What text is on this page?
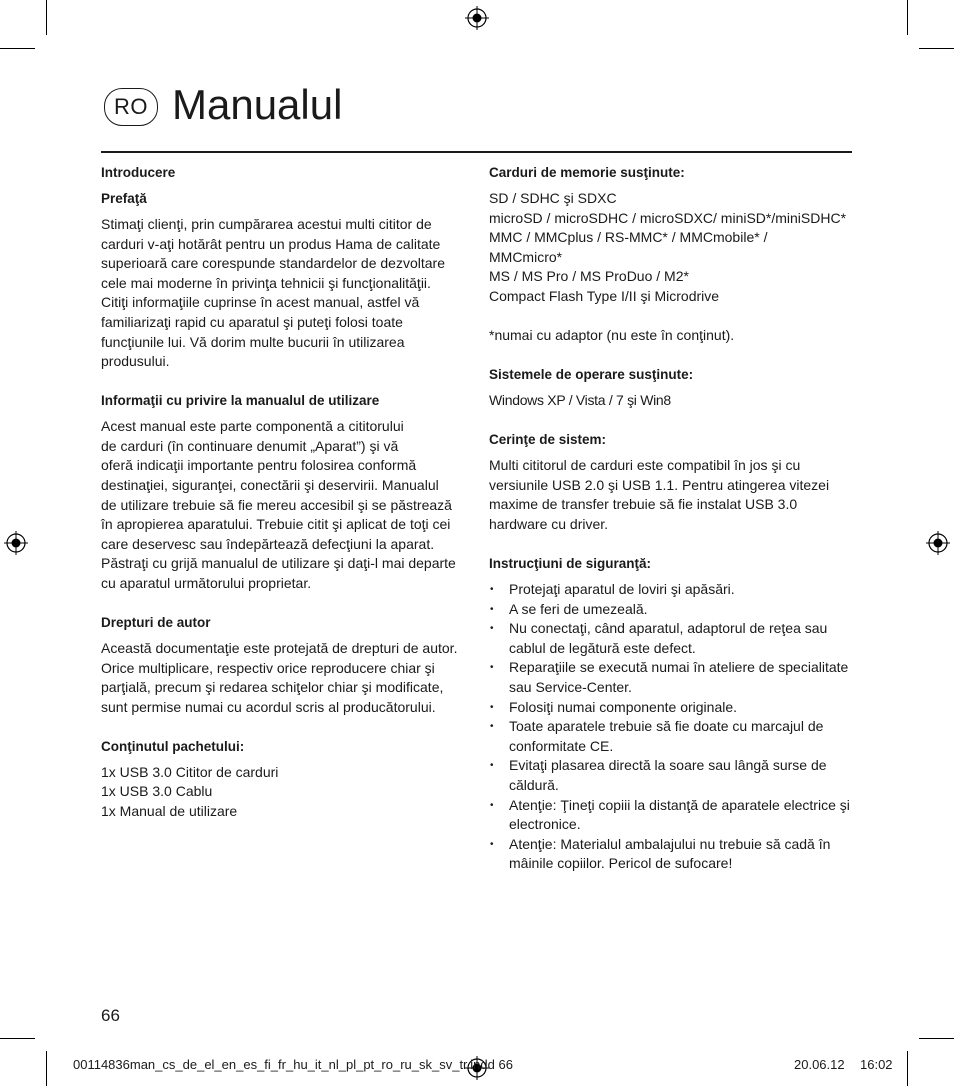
RO Manualul

Introducere

Prefaţă

Stimaţi clienţi, prin cumpărarea acestui multi cititor de

carduri v-aţi hotărât pentru un produs Hama de calitate

superioară care corespunde standardelor de dezvoltare

cele mai moderne în privinţa tehnicii şi funcţionalităţii.

Citiţi informaţiile cuprinse în acest manual, astfel vă

familiarizaţi rapid cu aparatul şi puteţi folosi toate

funcţiunile lui. Vă dorim multe bucurii în utilizarea

produsului.

Informaţii cu privire la manualul de utilizare

Acest manual este parte componentă a cititorului

de carduri (în continuare denumit „Aparat”) şi vă

oferă indicaţii importante pentru folosirea conformă

destinaţiei, siguranţei, conectării şi deservirii. Manualul

de utilizare trebuie să fie mereu accesibil şi se păstrează

în apropierea aparatului. Trebuie citit şi aplicat de toţi cei

care deservesc sau îndepărtează defecţiuni la aparat.

Păstraţi cu grijă manualul de utilizare şi daţi-l mai departe

cu aparatul următorului proprietar.

Drepturi de autor

Această documentaţie este protejată de drepturi de autor.

Orice multiplicare, respectiv orice reproducere chiar şi

parţială, precum şi redarea schiţelor chiar şi modificate,

sunt permise numai cu acordul scris al producătorului.

Conţinutul pachetului:

1x USB 3.0 Cititor de carduri

1x USB 3.0 Cablu

1x Manual de utilizare

Carduri de memorie susţinute:

SD / SDHC şi SDXC

microSD / microSDHC / microSDXC/ miniSD*/miniSDHC*

MMC / MMCplus / RS-MMC* / MMCmobile* /

MMCmicro*

MS / MS Pro / MS ProDuo / M2*

Compact Flash Type I/II şi Microdrive

*numai cu adaptor (nu este în conţinut).

Sistemele de operare susţinute:

Windows XP / Vista / 7 şi Win8

Cerinţe de sistem:

Multi cititorul de carduri este compatibil în jos şi cu

versiunile USB 2.0 şi USB 1.1. Pentru atingerea vitezei

maxime de transfer trebuie să fie instalat USB 3.0

hardware cu driver.

Instrucţiuni de siguranţă:

• Protejaţi aparatul de loviri şi apăsări.
• A se feri de umezeală.
• Nu conectaţi, când aparatul, adaptorul de reţea sau cablul de legătură este defect.
• Reparaţiile se execută numai în ateliere de specialitate sau Service-Center.
• Folosiţi numai componente originale.
• Toate aparatele trebuie să fie doate cu marcajul de conformitate CE.
• Evitaţi plasarea directă la soare sau lângă surse de căldură.
• Atenţie: Ţineţi copiii la distanţă de aparatele electrice şi electronice.
• Atenţie: Materialul ambalajului nu trebuie să cadă în mâinile copiilor. Pericol de sufocare!
66
00114836man_cs_de_el_en_es_fi_fr_hu_it_nl_pl_pt_ro_ru_sk_sv_tr.indd 66	20.06.12 16:02
